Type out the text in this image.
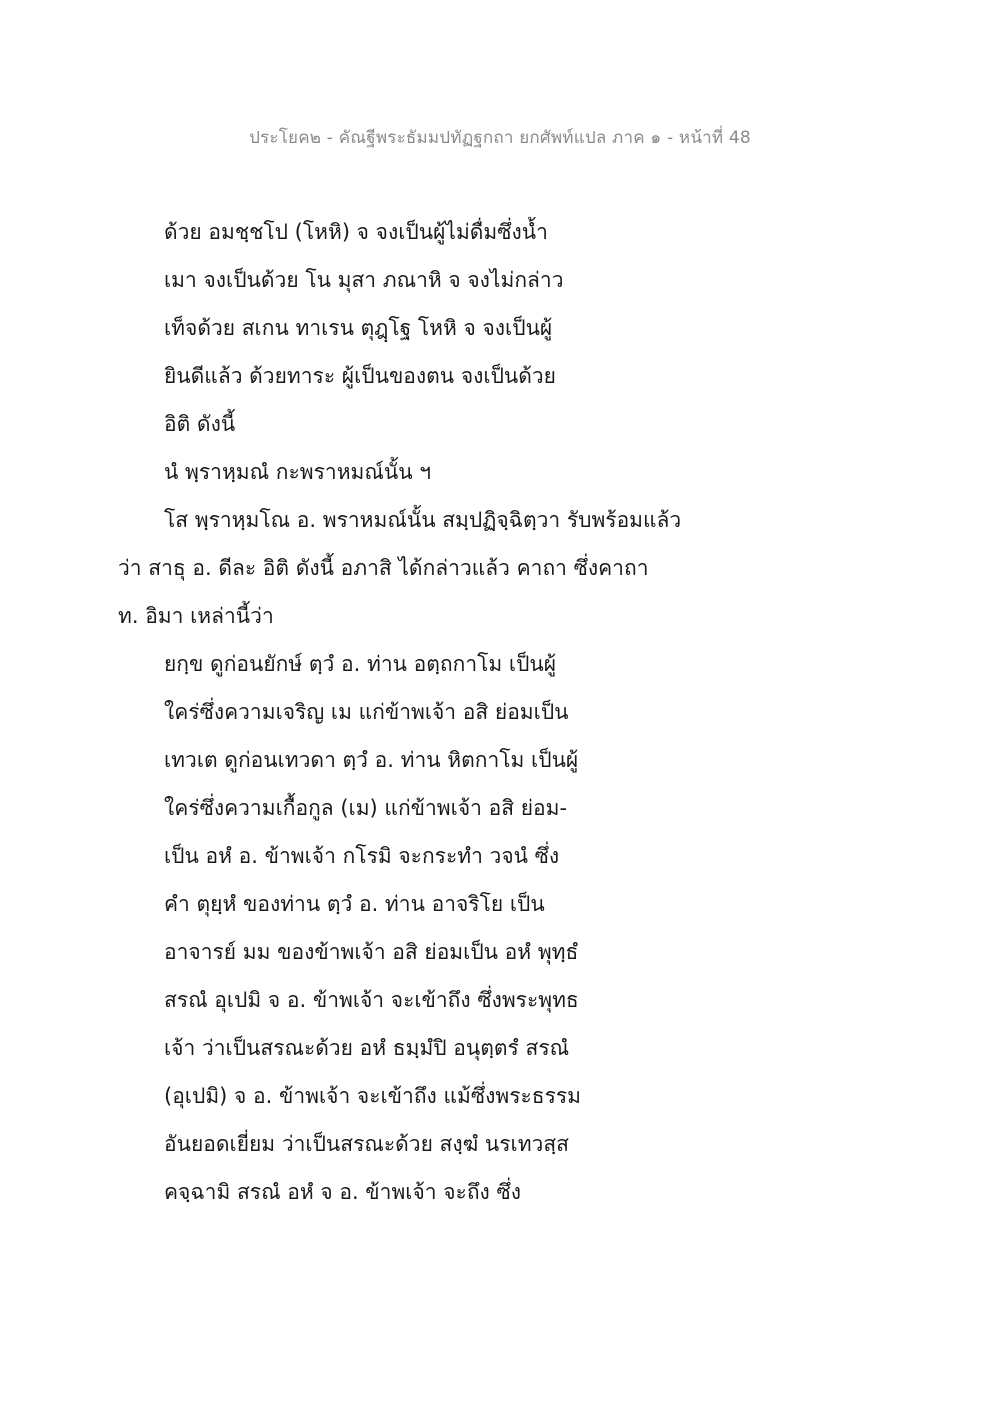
ประโยค๒ - คัณฐีพระธัมมปทัฏฐกถา ยกศัพท์แปล ภาค ๑ - หน้าที่ 48
ด้วย อมชฺชโป (โหหิ) จ จงเป็นผู้ไม่ดื่มซึ่งน้ำ
เมา จงเป็นด้วย โน มุสา ภณาหิ จ จงไม่กล่าว
เท็จด้วย สเกน ทาเรน ตุฎฺโฐ โหหิ จ จงเป็นผู้
ยินดีแล้ว ด้วยทาระ ผู้เป็นของตน จงเป็นด้วย
อิติ ดังนี้
นํ พฺราหฺมณํ กะพราหมณ์นั้น ฯ
โส พฺราหฺมโณ อ. พราหมณ์นั้น สมฺปฏิจฺฉิตฺวา รับพร้อมแล้ว
ว่า สาธุ อ. ดีละ อิติ ดังนี้ อภาสิ ได้กล่าวแล้ว คาถา ซึ่งคาถา
ท. อิมา เหล่านี้ว่า
ยกฺข ดูก่อนยักษ์ ตฺวํ อ. ท่าน อตฺถกาโม เป็นผู้
ใคร่ซึ่งความเจริญ เม แก่ข้าพเจ้า อสิ ย่อมเป็น
เทวเต ดูก่อนเทวดา ตฺวํ อ. ท่าน หิตกาโม เป็นผู้
ใคร่ซึ่งความเกื้อกูล (เม) แก่ข้าพเจ้า อสิ ย่อม-
เป็น อหํ อ. ข้าพเจ้า กโรมิ จะกระทำ วจนํ ซึ่ง
คำ ตุยฺหํ ของท่าน ตฺวํ อ. ท่าน อาจริโย เป็น
อาจารย์ มม ของข้าพเจ้า อสิ ย่อมเป็น อหํ พุทฺธํ
สรณํ อุเปมิ จ อ. ข้าพเจ้า จะเข้าถึง ซึ่งพระพุทธ
เจ้า ว่าเป็นสรณะด้วย อหํ ธมฺมํปิ อนุตฺตรํ สรณํ
(อุเปมิ) จ อ. ข้าพเจ้า จะเข้าถึง แม้ซึ่งพระธรรม
อันยอดเยี่ยม ว่าเป็นสรณะด้วย สงฺฆํ นรเทวสฺส
คจฺฉามิ สรณํ อหํ จ อ. ข้าพเจ้า จะถึง ซึ่ง
